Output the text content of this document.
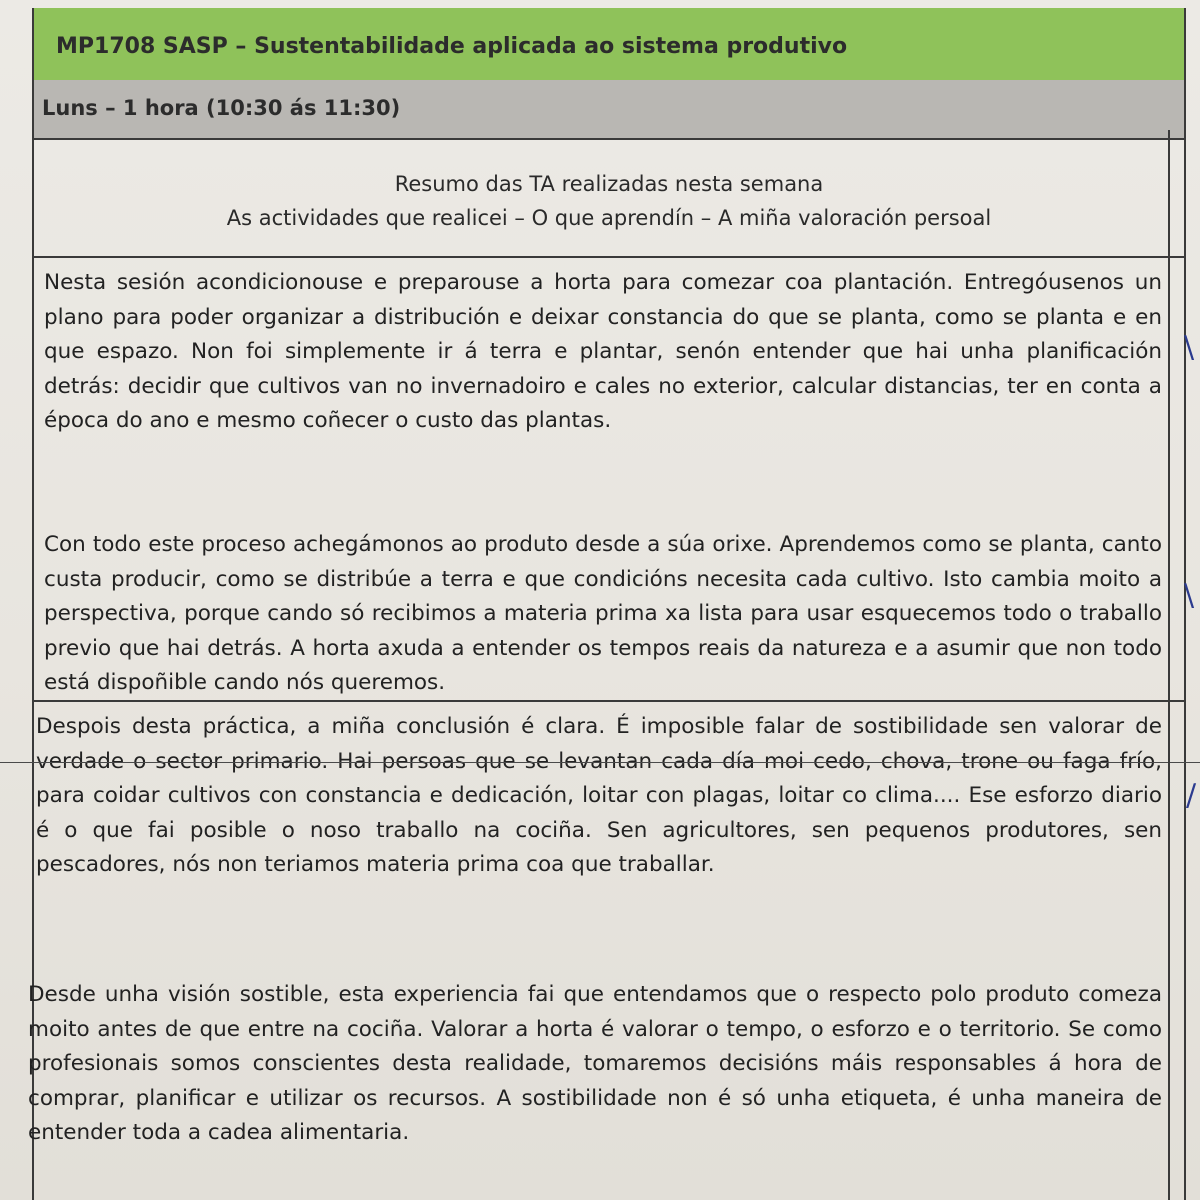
MP1708 SASP – Sustentabilidade aplicada ao sistema produtivo
Luns – 1 hora (10:30 ás 11:30)
Resumo das TA realizadas nesta semana
As actividades que realicei – O que aprendín – A miña valoración persoal
Nesta sesión acondicionouse e preparouse a horta para comezar coa plantación. Entregóusenos un plano para poder organizar a distribución e deixar constancia do que se planta, como se planta e en que espazo. Non foi simplemente ir á terra e plantar, senón entender que hai unha planificación detrás: decidir que cultivos van no invernadoiro e cales no exterior, calcular distancias, ter en conta a época do ano e mesmo coñecer o custo das plantas.
Con todo este proceso achegámonos ao produto desde a súa orixe. Aprendemos como se planta, canto custa producir, como se distribúe a terra e que condicións necesita cada cultivo. Isto cambia moito a perspectiva, porque cando só recibimos a materia prima xa lista para usar esquecemos todo o traballo previo que hai detrás. A horta axuda a entender os tempos reais da natureza e a asumir que non todo está dispoñible cando nós queremos.
Despois desta práctica, a miña conclusión é clara. É imposible falar de sostibilidade sen valorar de verdade o sector primario. Hai persoas que se levantan cada día moi cedo, chova, trone ou faga frío, para coidar cultivos con constancia e dedicación, loitar con plagas, loitar co clima.... Ese esforzo diario é o que fai posible o noso traballo na cociña. Sen agricultores, sen pequenos produtores, sen pescadores, nós non teriamos materia prima coa que traballar.
Desde unha visión sostible, esta experiencia fai que entendamos que o respecto polo produto comeza moito antes de que entre na cociña. Valorar a horta é valorar o tempo, o esforzo e o territorio. Se como profesionais somos conscientes desta realidade, tomaremos decisións máis responsables á hora de comprar, planificar e utilizar os recursos. A sostibilidade non é só unha etiqueta, é unha maneira de entender toda a cadea alimentaria.
\
\
/
